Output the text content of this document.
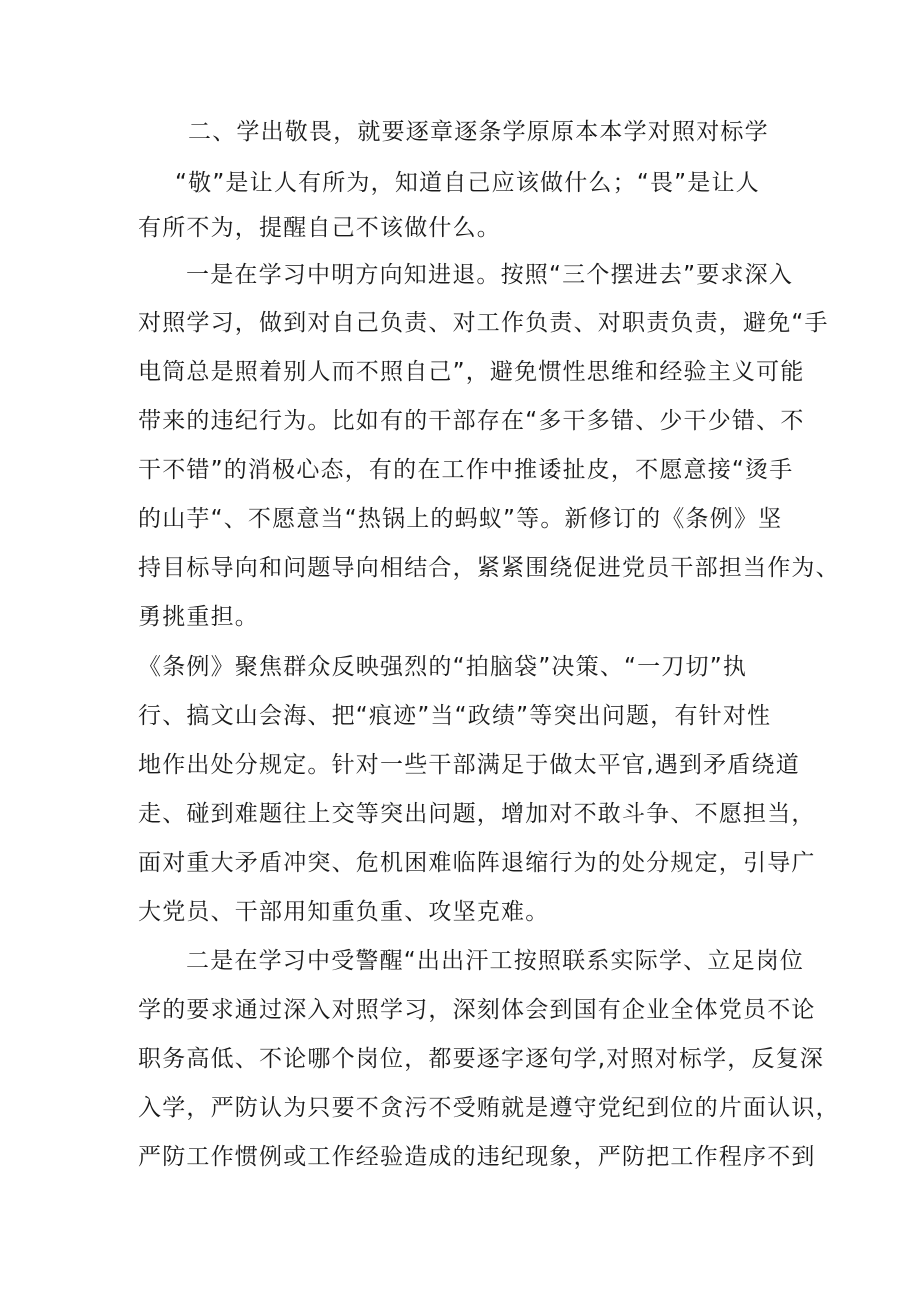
二、学出敬畏，就要逐章逐条学原原本本学对照对标学
“敬”是让人有所为，知道自己应该做什么；“畏”是让人
有所不为，提醒自己不该做什么。
一是在学习中明方向知进退。按照“三个摆进去”要求深入
对照学习，做到对自己负责、对工作负责、对职责负责，避免“手
电筒总是照着别人而不照自己”，避免惯性思维和经验主义可能
带来的违纪行为。比如有的干部存在“多干多错、少干少错、不
干不错”的消极心态，有的在工作中推诿扯皮，不愿意接“烫手
的山芋“、不愿意当“热锅上的蚂蚁”等。新修订的《条例》坚
持目标导向和问题导向相结合，紧紧围绕促进党员干部担当作为、
勇挑重担。
《条例》聚焦群众反映强烈的“拍脑袋”决策、“一刀切”执
行、搞文山会海、把“痕迹”当“政绩”等突出问题，有针对性
地作出处分规定。针对一些干部满足于做太平官,遇到矛盾绕道
走、碰到难题往上交等突出问题，增加对不敢斗争、不愿担当，
面对重大矛盾冲突、危机困难临阵退缩行为的处分规定，引导广
大党员、干部用知重负重、攻坚克难。
二是在学习中受警醒“出出汗工按照联系实际学、立足岗位
学的要求通过深入对照学习，深刻体会到国有企业全体党员不论
职务高低、不论哪个岗位，都要逐字逐句学,对照对标学，反复深
入学，严防认为只要不贪污不受贿就是遵守党纪到位的片面认识，
严防工作惯例或工作经验造成的违纪现象，严防把工作程序不到
